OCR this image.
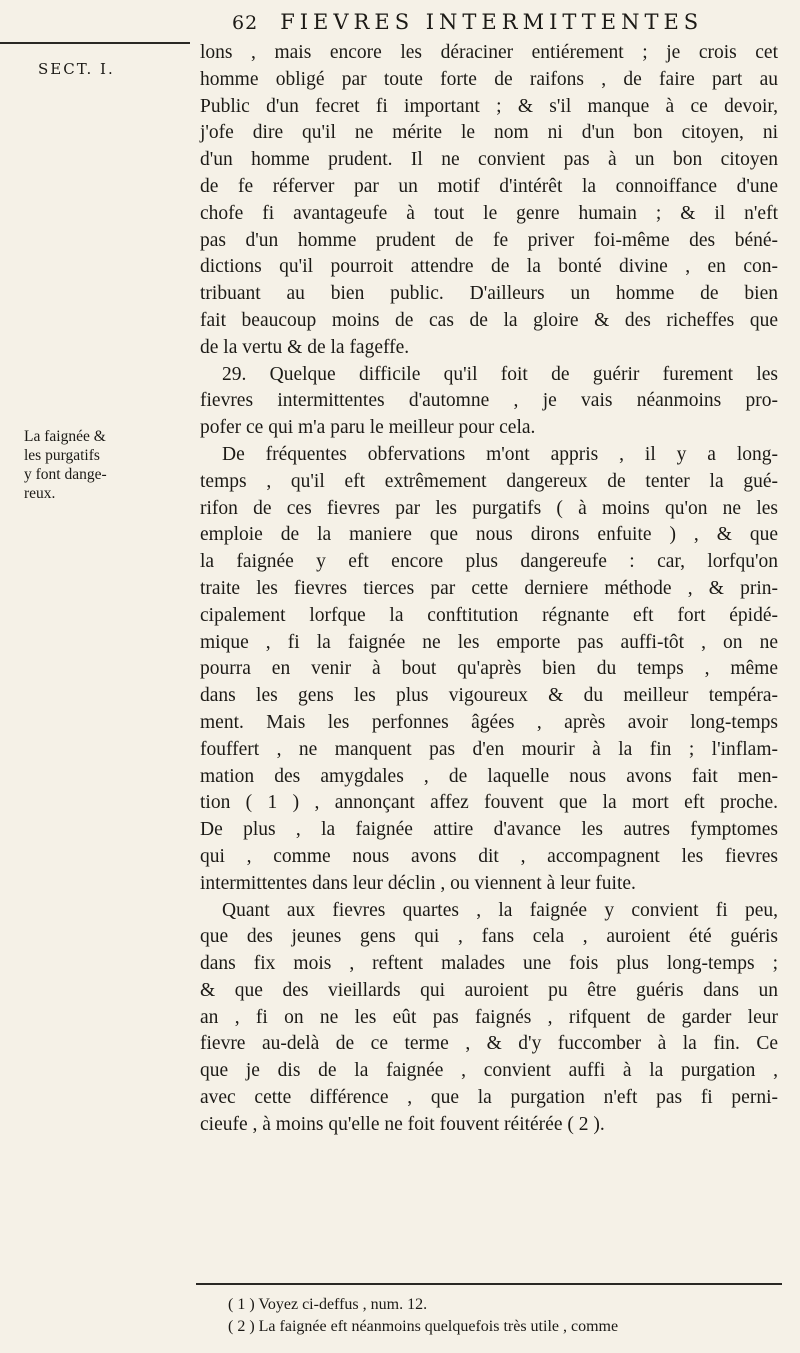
62 FIEVRES INTERMITTENTES
SECT. I.
La faignée &
les purgatifs
y font dange-
reux.
lons , mais encore les déraciner entiérement ; je crois cet
homme obligé par toute forte de raifons , de faire part au
Public d'un fecret fi important ; & s'il manque à ce devoir,
j'ofe dire qu'il ne mérite le nom ni d'un bon citoyen, ni
d'un homme prudent. Il ne convient pas à un bon citoyen
de fe réferver par un motif d'intérêt la connoiffance d'une
chofe fi avantageufe à tout le genre humain ; & il n'eft
pas d'un homme prudent de fe priver foi-même des béné-
dictions qu'il pourroit attendre de la bonté divine , en con-
tribuant au bien public. D'ailleurs un homme de bien
fait beaucoup moins de cas de la gloire & des richeffes que
de la vertu & de la fageffe.
29. Quelque difficile qu'il foit de guérir furement les
fievres intermittentes d'automne , je vais néanmoins pro-
pofer ce qui m'a paru le meilleur pour cela.
De fréquentes obfervations m'ont appris , il y a long-
temps , qu'il eft extrêmement dangereux de tenter la gué-
rifon de ces fievres par les purgatifs ( à moins qu'on ne les
emploie de la maniere que nous dirons enfuite ) , & que
la faignée y eft encore plus dangereufe : car, lorfqu'on
traite les fievres tierces par cette derniere méthode , & prin-
cipalement lorfque la conftitution régnante eft fort épidé-
mique , fi la faignée ne les emporte pas auffi-tôt , on ne
pourra en venir à bout qu'après bien du temps , même
dans les gens les plus vigoureux & du meilleur tempéra-
ment. Mais les perfonnes âgées , après avoir long-temps
fouffert , ne manquent pas d'en mourir à la fin ; l'inflam-
mation des amygdales , de laquelle nous avons fait men-
tion ( 1 ) , annonçant affez fouvent que la mort eft proche.
De plus , la faignée attire d'avance les autres fymptomes
qui , comme nous avons dit , accompagnent les fievres
intermittentes dans leur déclin , ou viennent à leur fuite.
Quant aux fievres quartes , la faignée y convient fi peu,
que des jeunes gens qui , fans cela , auroient été guéris
dans fix mois , reftent malades une fois plus long-temps ;
& que des vieillards qui auroient pu être guéris dans un
an , fi on ne les eût pas faignés , rifquent de garder leur
fievre au-delà de ce terme , & d'y fuccomber à la fin. Ce
que je dis de la faignée , convient auffi à la purgation ,
avec cette différence , que la purgation n'eft pas fi perni-
cieufe , à moins qu'elle ne foit fouvent réitérée ( 2 ).
( 1 ) Voyez ci-deffus , num. 12.
( 2 ) La faignée eft néanmoins quelquefois très utile , comme
